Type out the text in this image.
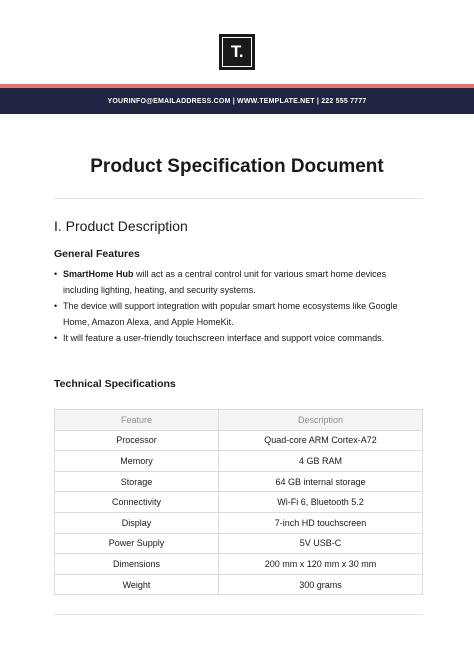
T.
YOURINFO@EMAILADDRESS.COM | WWW.TEMPLATE.NET | 222 555 7777
Product Specification Document
I. Product Description
General Features
• SmartHome Hub will act as a central control unit for various smart home devices including lighting, heating, and security systems.
• The device will support integration with popular smart home ecosystems like Google Home, Amazon Alexa, and Apple HomeKit.
• It will feature a user-friendly touchscreen interface and support voice commands.
Technical Specifications
Feature	Description
Processor	Quad-core ARM Cortex-A72
Memory	4 GB RAM
Storage	64 GB internal storage
Connectivity	Wi-Fi 6, Bluetooth 5.2
Display	7-inch HD touchscreen
Power Supply	5V USB-C
Dimensions	200 mm x 120 mm x 30 mm
Weight	300 grams
